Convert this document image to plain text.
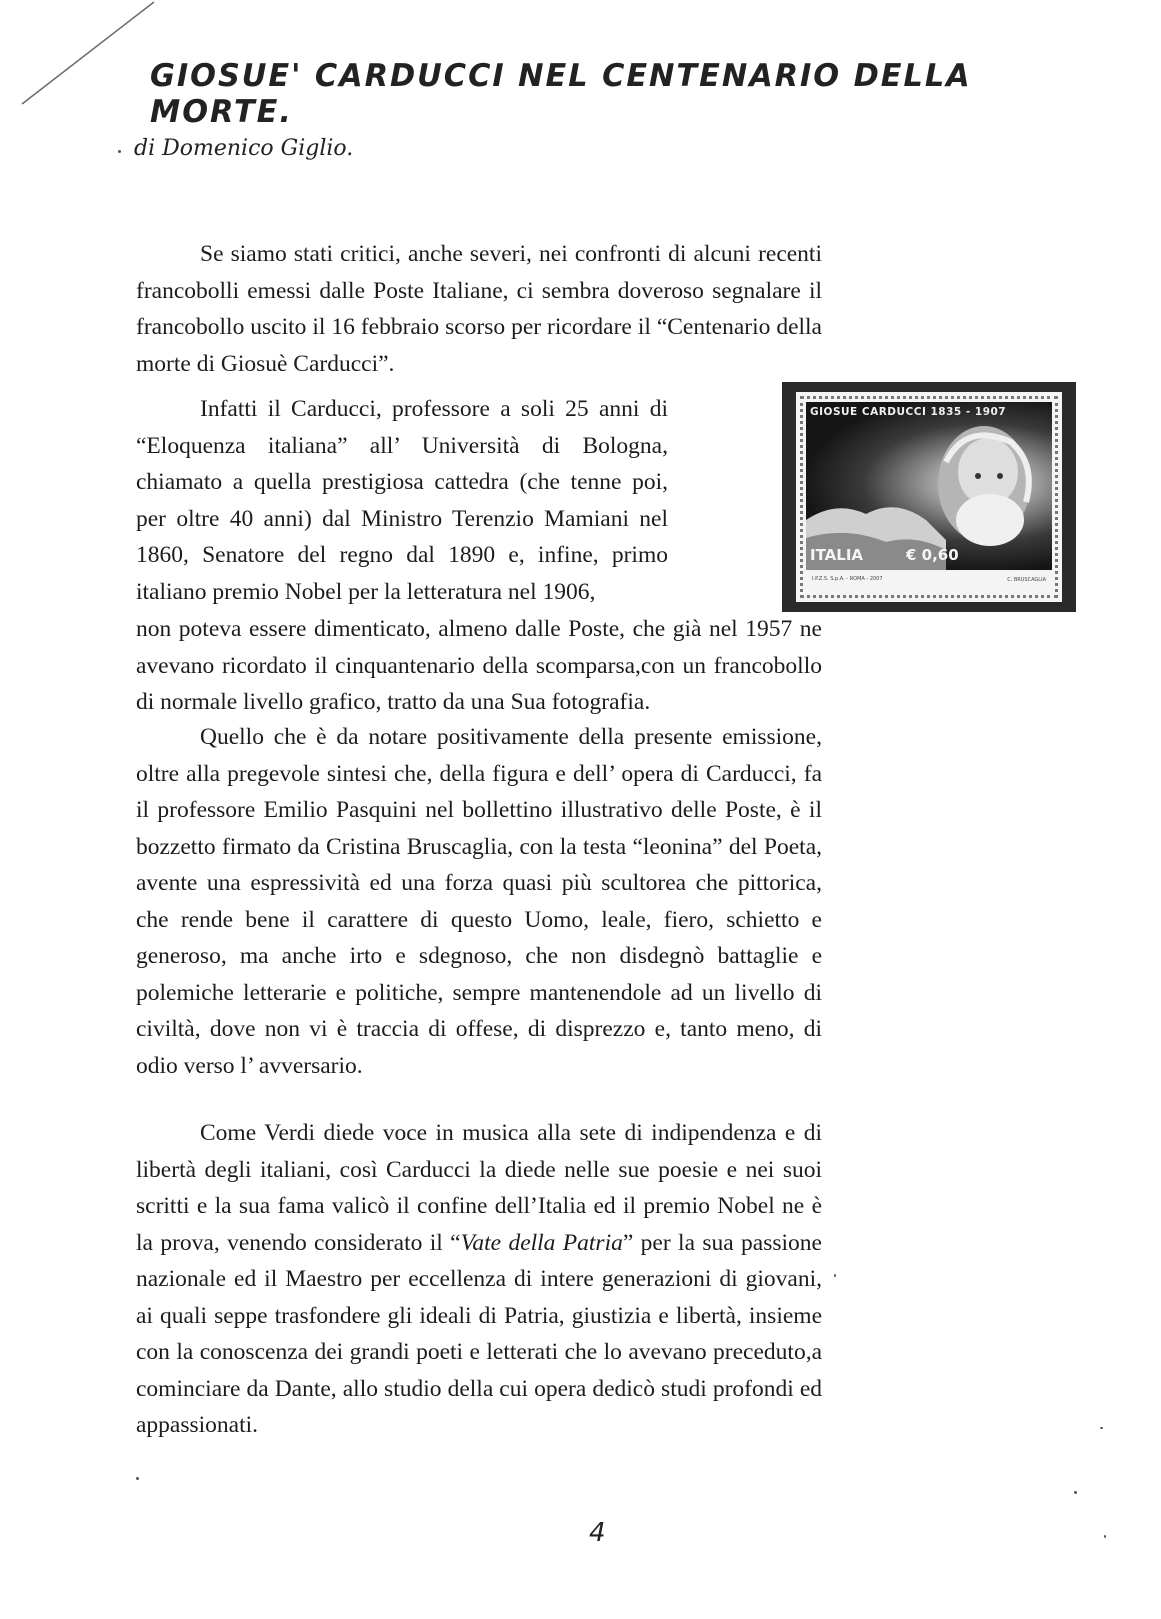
GIOSUE' CARDUCCI NEL CENTENARIO DELLA MORTE.
di Domenico Giglio.

Se siamo stati critici, anche severi, nei confronti di alcuni recenti francobolli emessi dalle Poste Italiane, ci sembra doveroso segnalare il francobollo uscito il 16 febbraio scorso per ricordare il “Centenario della morte di Giosuè Carducci”.

Infatti il Carducci, professore a soli 25 anni di “Eloquenza italiana” all’ Università di Bologna, chiamato a quella prestigiosa cattedra (che tenne poi, per oltre 40 anni) dal Ministro Terenzio Mamiani nel 1860, Senatore del regno dal 1890 e, infine, primo italiano premio Nobel per la letteratura nel 1906,

non poteva essere dimenticato, almeno dalle Poste, che già nel 1957 ne avevano ricordato il cinquantenario della scomparsa,con un francobollo di normale livello grafico, tratto da una Sua fotografia.

Quello che è da notare positivamente della presente emissione, oltre alla pregevole sintesi che, della figura e dell’ opera di Carducci, fa il professore Emilio Pasquini nel bollettino illustrativo delle Poste, è il bozzetto firmato da Cristina Bruscaglia, con la testa “leonina” del Poeta, avente una espressività ed una forza quasi più scultorea che pittorica, che rende bene il carattere di questo Uomo, leale, fiero, schietto e generoso, ma anche irto e sdegnoso, che non disdegnò battaglie e polemiche letterarie e politiche, sempre mantenendole ad un livello di civiltà, dove non vi è traccia di offese, di disprezzo e, tanto meno, di odio verso l’ avversario.

Come Verdi diede voce in musica alla sete di indipendenza e di libertà degli italiani, così Carducci la diede nelle sue poesie e nei suoi scritti e la sua fama valicò il confine dell’Italia ed il premio Nobel ne è la prova, venendo considerato il “Vate della Patria” per la sua passione nazionale ed il Maestro per eccellenza di intere generazioni di giovani, ai quali seppe trasfondere gli ideali di Patria, giustizia e libertà, insieme con la conoscenza dei grandi poeti e letterati che lo avevano preceduto,a cominciare da Dante, allo studio della cui opera dedicò studi profondi ed appassionati.

GIOSUE CARDUCCI 1835 - 1907
ITALIA	€ 0,60
I.P.Z.S. S.p.A. - ROMA - 2007	C. BRUSCAGLIA
4
